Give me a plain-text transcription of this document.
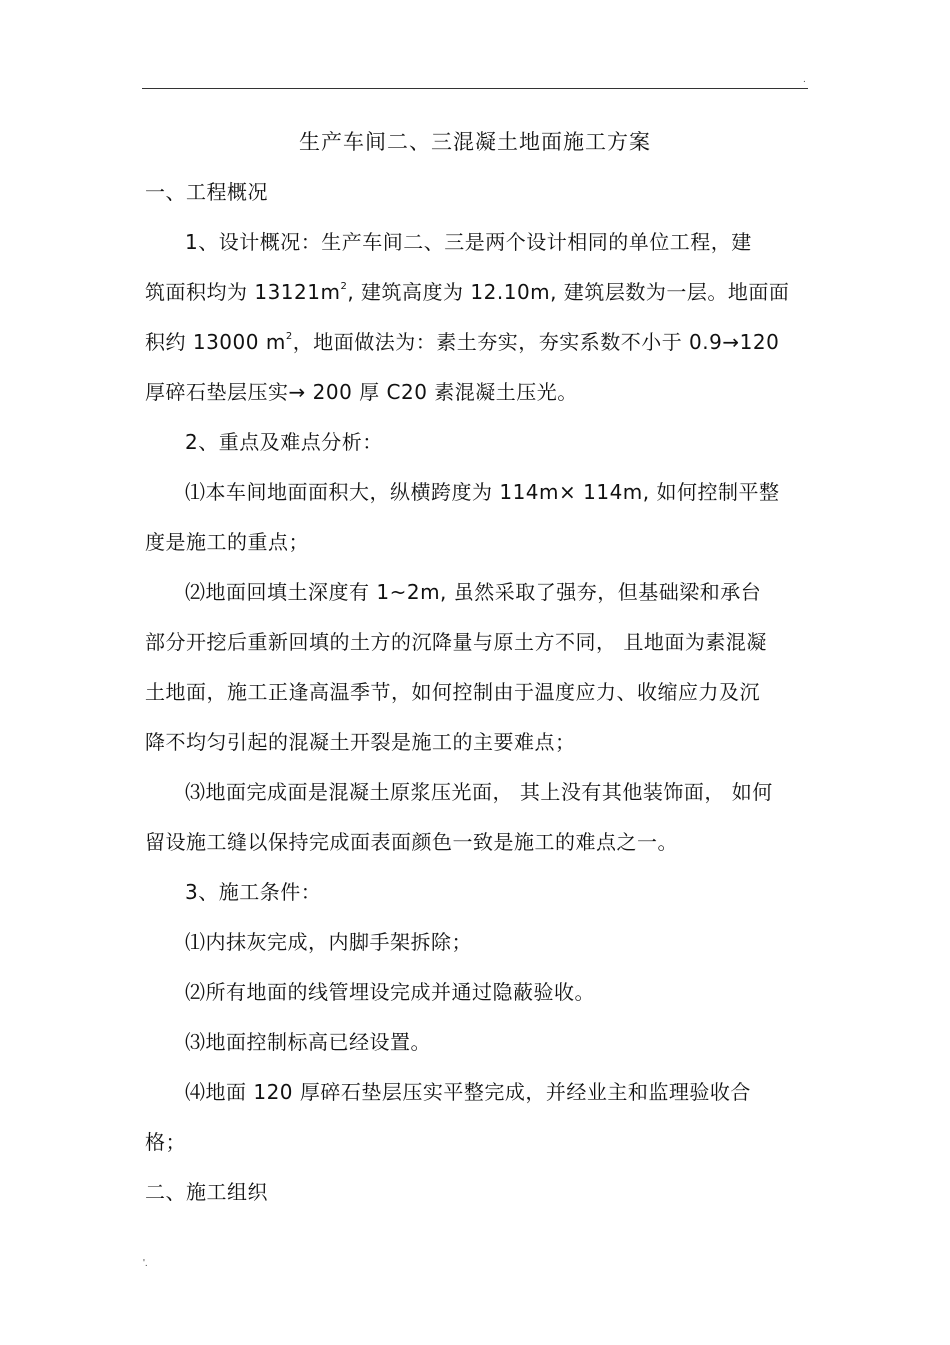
.
生产车间二、三混凝土地面施工方案
一、工程概况
1、设计概况：生产车间二、三是两个设计相同的单位工程，建
筑面积均为 $13121m^2$, 建筑高度为 12.10m, 建筑层数为一层。地面面
积约 13000 $m^2$，地面做法为：素土夯实，夯实系数不小于 0.9→120
厚碎石垫层压实→ 200 厚 C20 素混凝土压光。
2、重点及难点分析：
⑴本车间地面面积大，纵横跨度为 114m× 114m, 如何控制平整
度是施工的重点；
⑵地面回填土深度有 1~2m, 虽然采取了强夯，但基础梁和承台
部分开挖后重新回填的土方的沉降量与原土方不同， 且地面为素混凝
土地面，施工正逢高温季节，如何控制由于温度应力、收缩应力及沉
降不均匀引起的混凝土开裂是施工的主要难点；
⑶地面完成面是混凝土原浆压光面， 其上没有其他装饰面， 如何
留设施工缝以保持完成面表面颜色一致是施工的难点之一。
3、施工条件：
⑴内抹灰完成，内脚手架拆除；
⑵所有地面的线管埋设完成并通过隐蔽验收。
⑶地面控制标高已经设置。
⑷地面 120 厚碎石垫层压实平整完成，并经业主和监理验收合
格；
二、施工组织
'.
